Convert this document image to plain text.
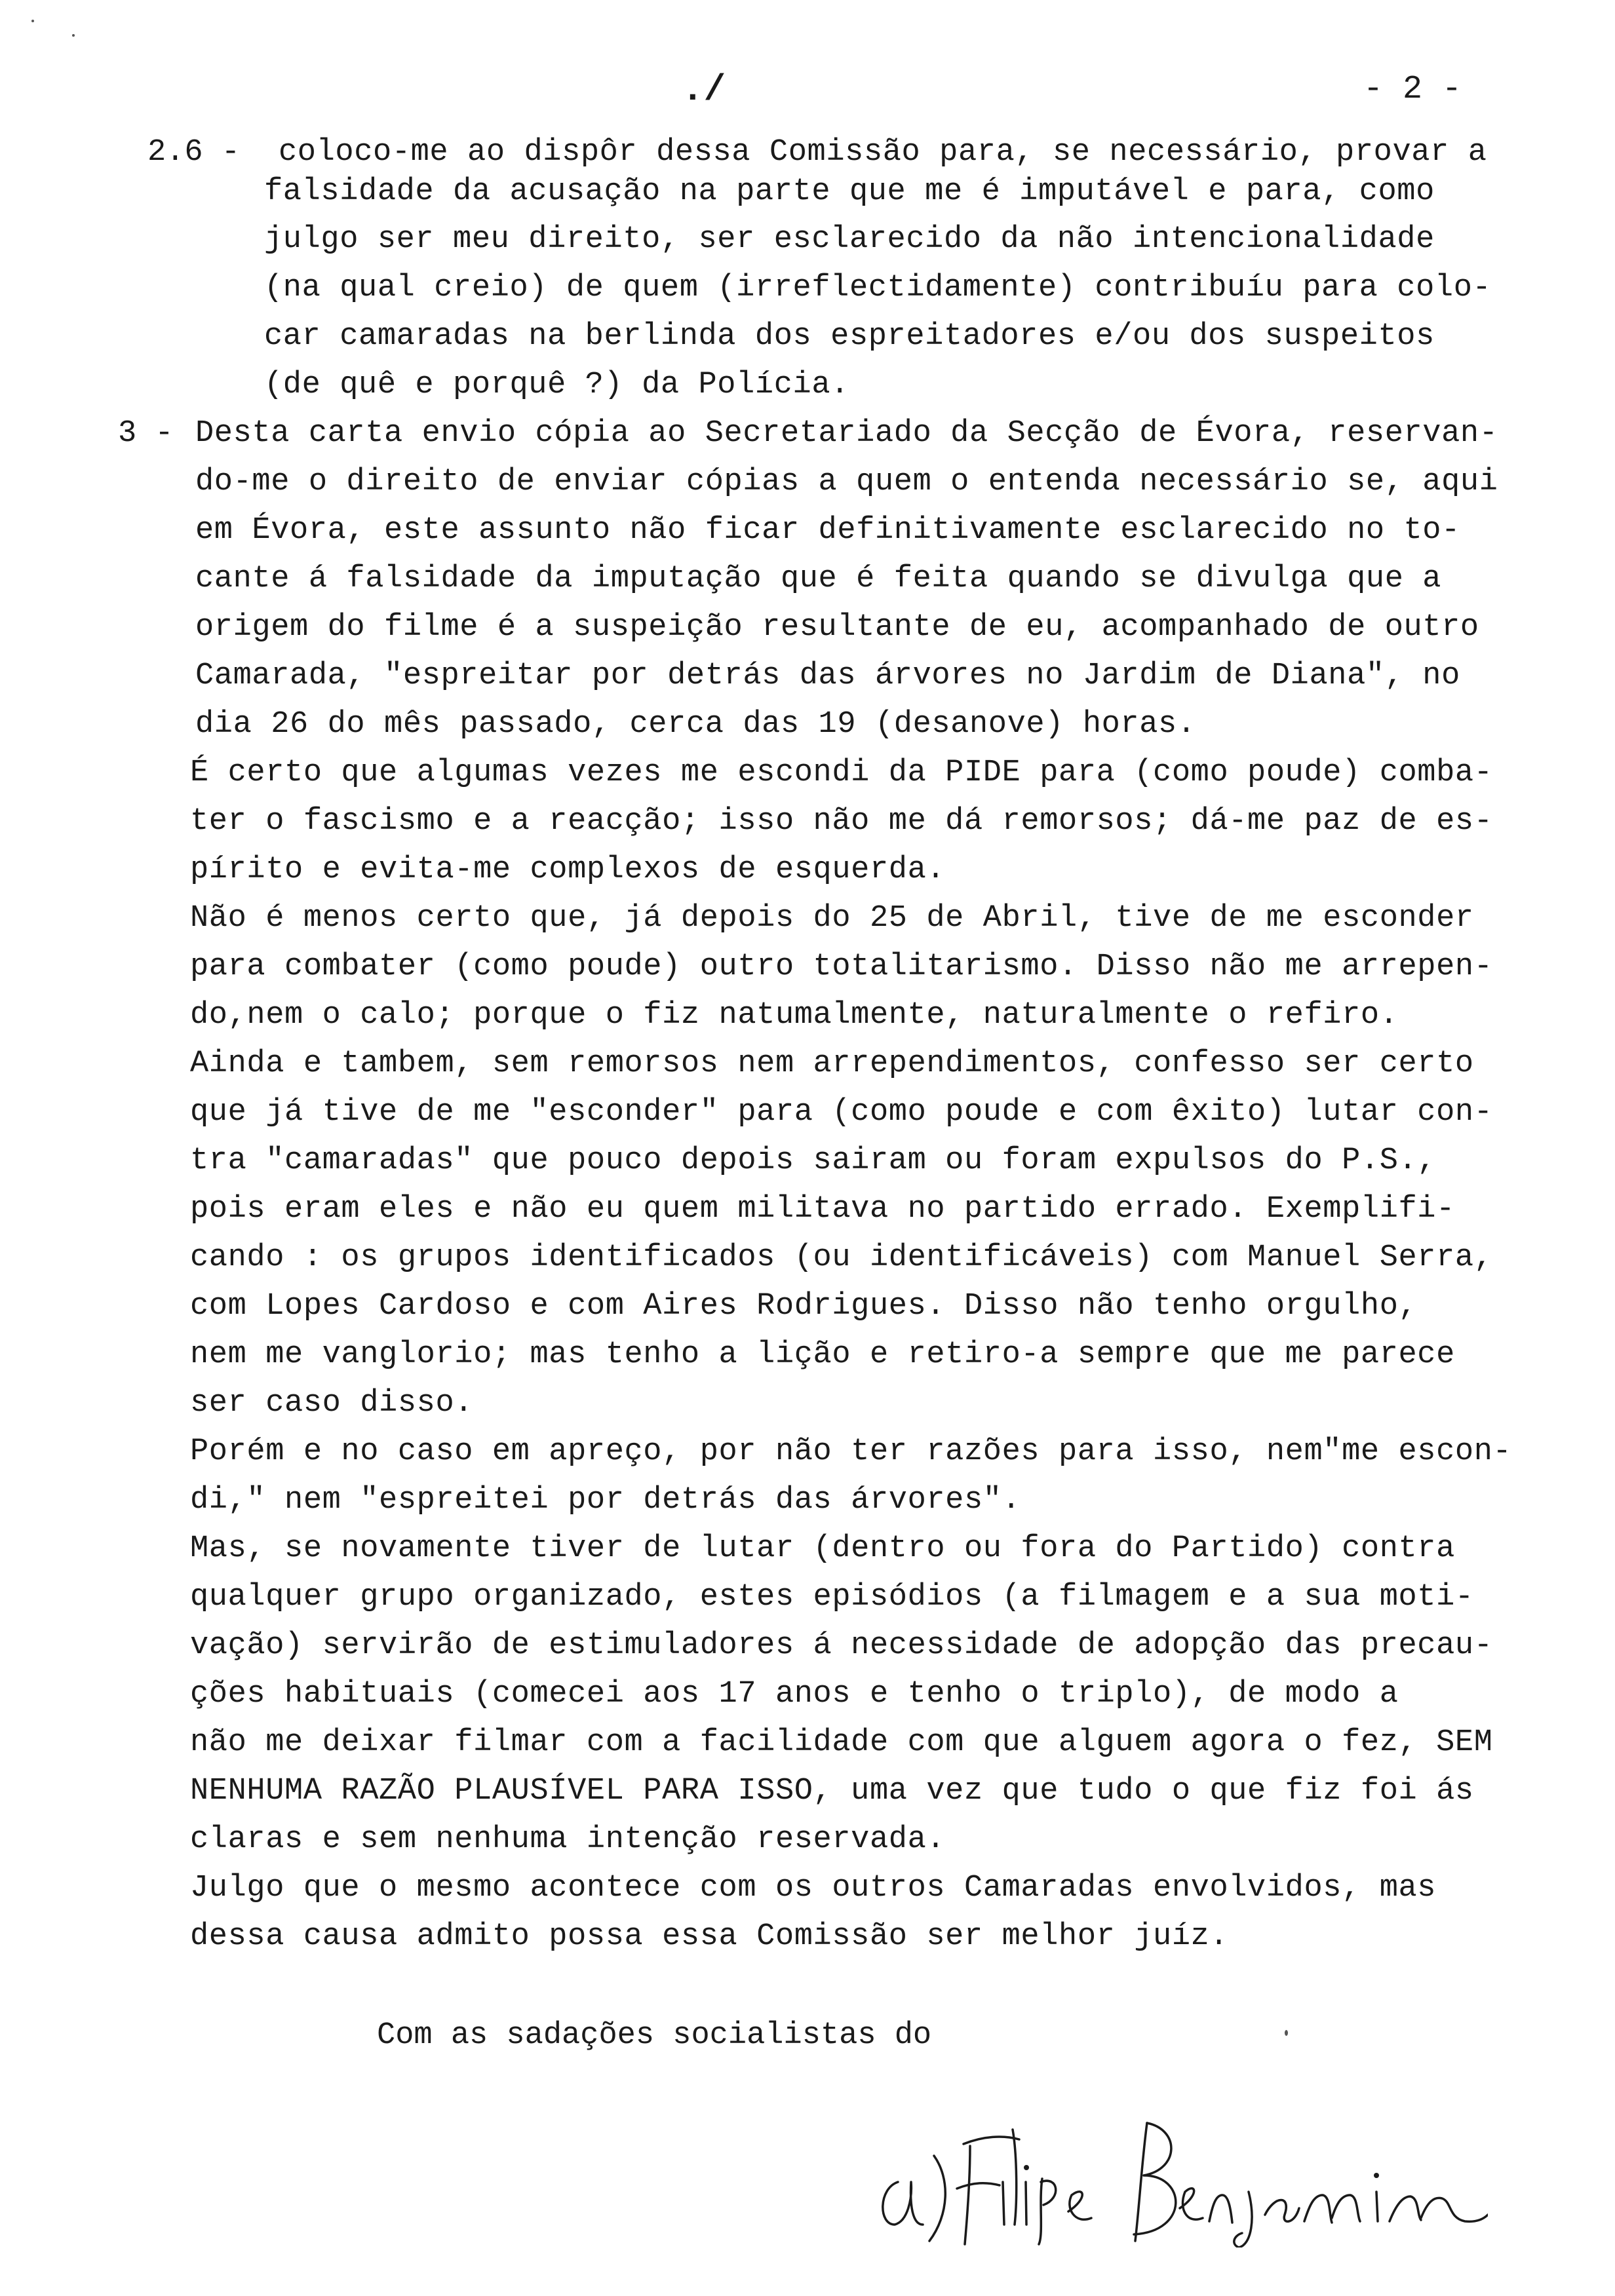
./	- 2 -
2.6 - coloco-me ao dispôr dessa Comissão para, se necessário, provar a
falsidade da acusação na parte que me é imputável e para, como
julgo ser meu direito, ser esclarecido da não intencionalidade
(na qual creio) de quem (irreflectidamente) contribuíu para colo-
car camaradas na berlinda dos espreitadores e/ou dos suspeitos
(de quê e porquê ?) da Polícia.
3 - Desta carta envio cópia ao Secretariado da Secção de Évora, reservan-
do-me o direito de enviar cópias a quem o entenda necessário se, aqui
em Évora, este assunto não ficar definitivamente esclarecido no to-
cante á falsidade da imputação que é feita quando se divulga que a
origem do filme é a suspeição resultante de eu, acompanhado de outro
Camarada, "espreitar por detrás das árvores no Jardim de Diana", no
dia 26 do mês passado, cerca das 19 (desanove) horas.
É certo que algumas vezes me escondi da PIDE para (como poude) comba-
ter o fascismo e a reacção; isso não me dá remorsos; dá-me paz de es-
pírito e evita-me complexos de esquerda.
Não é menos certo que, já depois do 25 de Abril, tive de me esconder
para combater (como poude) outro totalitarismo. Disso não me arrepen-
do,nem o calo; porque o fiz natumalmente, naturalmente o refiro.
Ainda e tambem, sem remorsos nem arrependimentos, confesso ser certo
que já tive de me "esconder" para (como poude e com êxito) lutar con-
tra "camaradas" que pouco depois sairam ou foram expulsos do P.S.,
pois eram eles e não eu quem militava no partido errado. Exemplifi-
cando : os grupos identificados (ou identificáveis) com Manuel Serra,
com Lopes Cardoso e com Aires Rodrigues. Disso não tenho orgulho,
nem me vanglorio; mas tenho a lição e retiro-a sempre que me parece
ser caso disso.
Porém e no caso em apreço, por não ter razões para isso, nem"me escon-
di," nem "espreitei por detrás das árvores".
Mas, se novamente tiver de lutar (dentro ou fora do Partido) contra
qualquer grupo organizado, estes episódios (a filmagem e a sua moti-
vação) servirão de estimuladores á necessidade de adopção das precau-
ções habituais (comecei aos 17 anos e tenho o triplo), de modo a
não me deixar filmar com a facilidade com que alguem agora o fez, SEM
NENHUMA RAZÃO PLAUSÍVEL PARA ISSO, uma vez que tudo o que fiz foi ás
claras e sem nenhuma intenção reservada.
Julgo que o mesmo acontece com os outros Camaradas envolvidos, mas
dessa causa admito possa essa Comissão ser melhor juíz.
Com as sadações socialistas do
